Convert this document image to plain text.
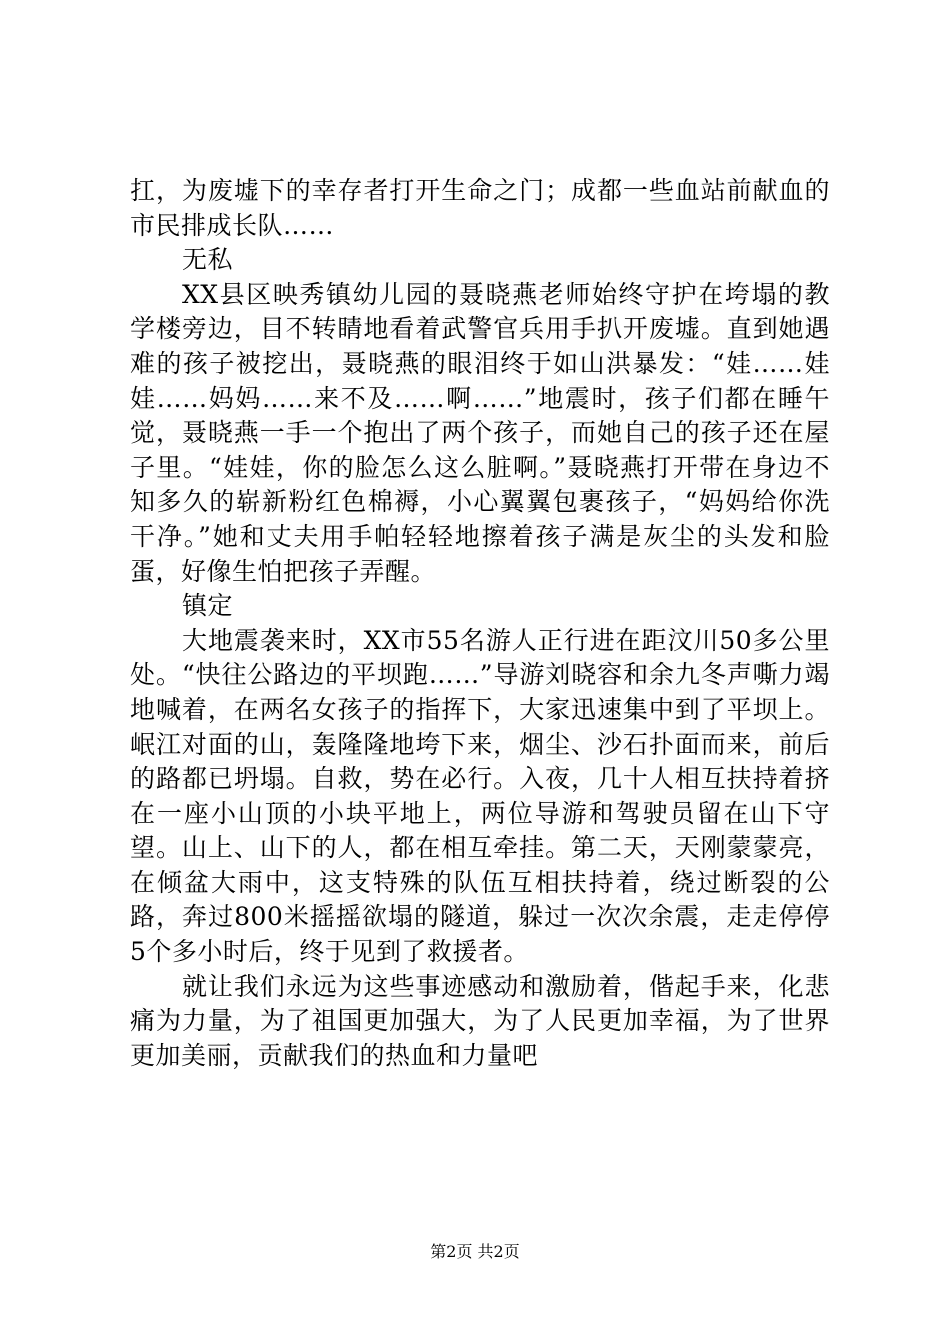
扛，为废墟下的幸存者打开生命之门；成都一些血站前献血的市民排成长队……

无私

XX县区映秀镇幼儿园的聂晓燕老师始终守护在垮塌的教学楼旁边，目不转睛地看着武警官兵用手扒开废墟。直到她遇难的孩子被挖出，聂晓燕的眼泪终于如山洪暴发：“娃……娃娃……妈妈……来不及……啊……”地震时，孩子们都在睡午觉，聂晓燕一手一个抱出了两个孩子，而她自己的孩子还在屋子里。“娃娃，你的脸怎么这么脏啊。”聂晓燕打开带在身边不知多久的崭新粉红色棉褥，小心翼翼包裹孩子，“妈妈给你洗干净。”她和丈夫用手帕轻轻地擦着孩子满是灰尘的头发和脸蛋，好像生怕把孩子弄醒。

镇定

大地震袭来时，XX市55名游人正行进在距汶川50多公里处。“快往公路边的平坝跑……”导游刘晓容和余九冬声嘶力竭地喊着，在两名女孩子的指挥下，大家迅速集中到了平坝上。岷江对面的山，轰隆隆地垮下来，烟尘、沙石扑面而来，前后的路都已坍塌。自救，势在必行。入夜，几十人相互扶持着挤在一座小山顶的小块平地上，两位导游和驾驶员留在山下守望。山上、山下的人，都在相互牵挂。第二天，天刚蒙蒙亮，在倾盆大雨中，这支特殊的队伍互相扶持着，绕过断裂的公路，奔过800米摇摇欲塌的隧道，躲过一次次余震，走走停停5个多小时后，终于见到了救援者。

就让我们永远为这些事迹感动和激励着，偕起手来，化悲痛为力量，为了祖国更加强大，为了人民更加幸福，为了世界更加美丽，贡献我们的热血和力量吧

第2页 共2页
